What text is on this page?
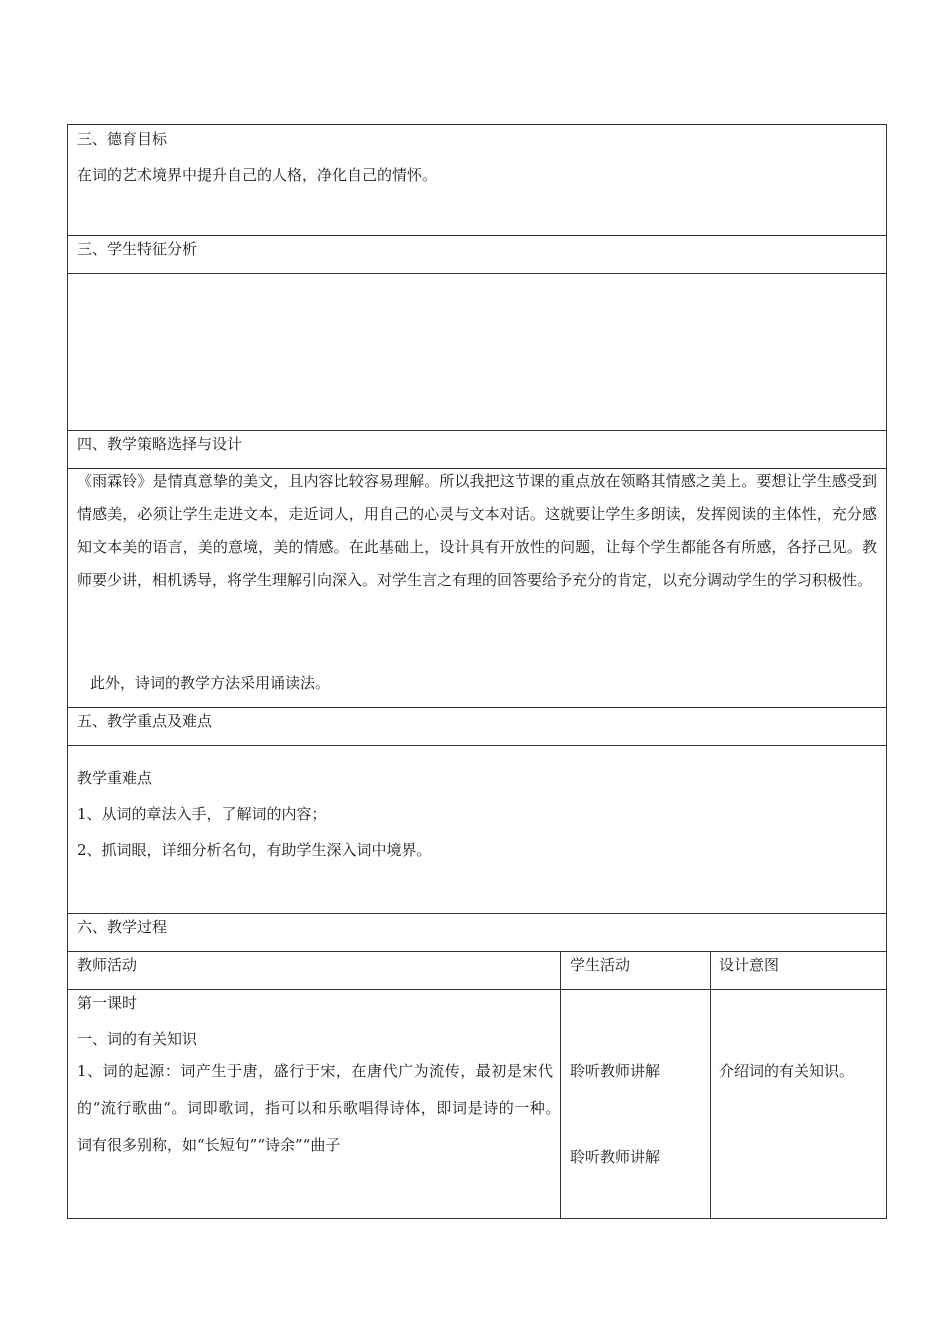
三、德育目标
在词的艺术境界中提升自己的人格，净化自己的情怀。
三、学生特征分析
四、教学策略选择与设计
《雨霖铃》是情真意挚的美文，且内容比较容易理解。所以我把这节课的重点放在领略其情感之美上。要想让学生感受到情感美，必须让学生走进文本，走近词人，用自己的心灵与文本对话。这就要让学生多朗读，发挥阅读的主体性，充分感知文本美的语言，美的意境，美的情感。在此基础上，设计具有开放性的问题，让每个学生都能各有所感，各抒己见。教师要少讲，相机诱导，将学生理解引向深入。对学生言之有理的回答要给予充分的肯定，以充分调动学生的学习积极性。
此外，诗词的教学方法采用诵读法。
五、教学重点及难点
教学重难点
1、从词的章法入手，了解词的内容；
2、抓词眼，详细分析名句，有助学生深入词中境界。
六、教学过程
教师活动	学生活动	设计意图
第一课时
一、词的有关知识
1、词的起源：词产生于唐，盛行于宋，在唐代广为流传，最初是宋代的“流行歌曲“。词即歌词，指可以和乐歌唱得诗体，即词是诗的一种。　 词有很多别称，如“长短句”“诗余”“曲子
聆听教师讲解
聆听教师讲解
介绍词的有关知识。
